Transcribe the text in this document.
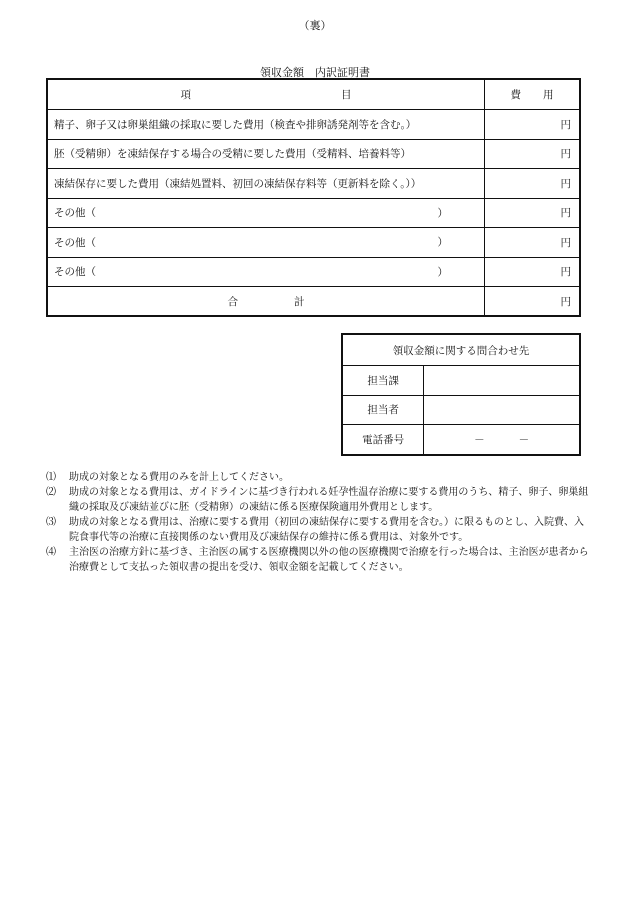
（裏）
領収金額　内訳証明書
項 目	費 用
精子、卵子又は卵巣組織の採取に要した費用（検査や排卵誘発剤等を含む。）	円
胚（受精卵）を凍結保存する場合の受精に要した費用（受精料、培養料等）	円
凍結保存に要した費用（凍結処置料、初回の凍結保存料等（更新料を除く。））	円
その他（ ）	円
その他（ ）	円
その他（ ）	円
合 計	円
領収金額に関する問合わせ先	
担当課	
担当者	
電話番号	－ －
⑴	助成の対象となる費用のみを計上してください。
⑵	助成の対象となる費用は、ガイドラインに基づき行われる妊孕性温存治療に要する費用のうち、精子、卵子、卵巣組織の採取及び凍結並びに胚（受精卵）の凍結に係る医療保険適用外費用とします。
⑶	助成の対象となる費用は、治療に要する費用（初回の凍結保存に要する費用を含む。）に限るものとし、入院費、入院食事代等の治療に直接関係のない費用及び凍結保存の維持に係る費用は、対象外です。
⑷	主治医の治療方針に基づき、主治医の属する医療機関以外の他の医療機関で治療を行った場合は、主治医が患者から治療費として支払った領収書の提出を受け、領収金額を記載してください。
